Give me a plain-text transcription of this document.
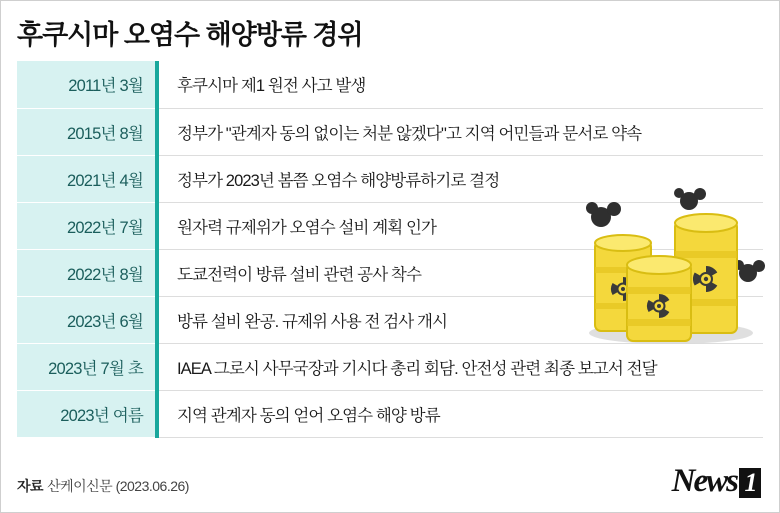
후쿠시마 오염수 해양방류 경위
2011년 3월	후쿠시마 제1 원전 사고 발생
2015년 8월	정부가 "관계자 동의 없이는 처분 않겠다"고 지역 어민들과 문서로 약속
2021년 4월	정부가 2023년 봄쯤 오염수 해양방류하기로 결정
2022년 7월	원자력 규제위가 오염수 설비 계획 인가
2022년 8월	도쿄전력이 방류 설비 관련 공사 착수
2023년 6월	방류 설비 완공. 규제위 사용 전 검사 개시
2023년 7월 초	IAEA 그로시 사무국장과 기시다 총리 회담. 안전성 관련 최종 보고서 전달
2023년 여름	지역 관계자 동의 얻어 오염수 해양 방류
자료 산케이신문 (2023.06.26)	News 1
